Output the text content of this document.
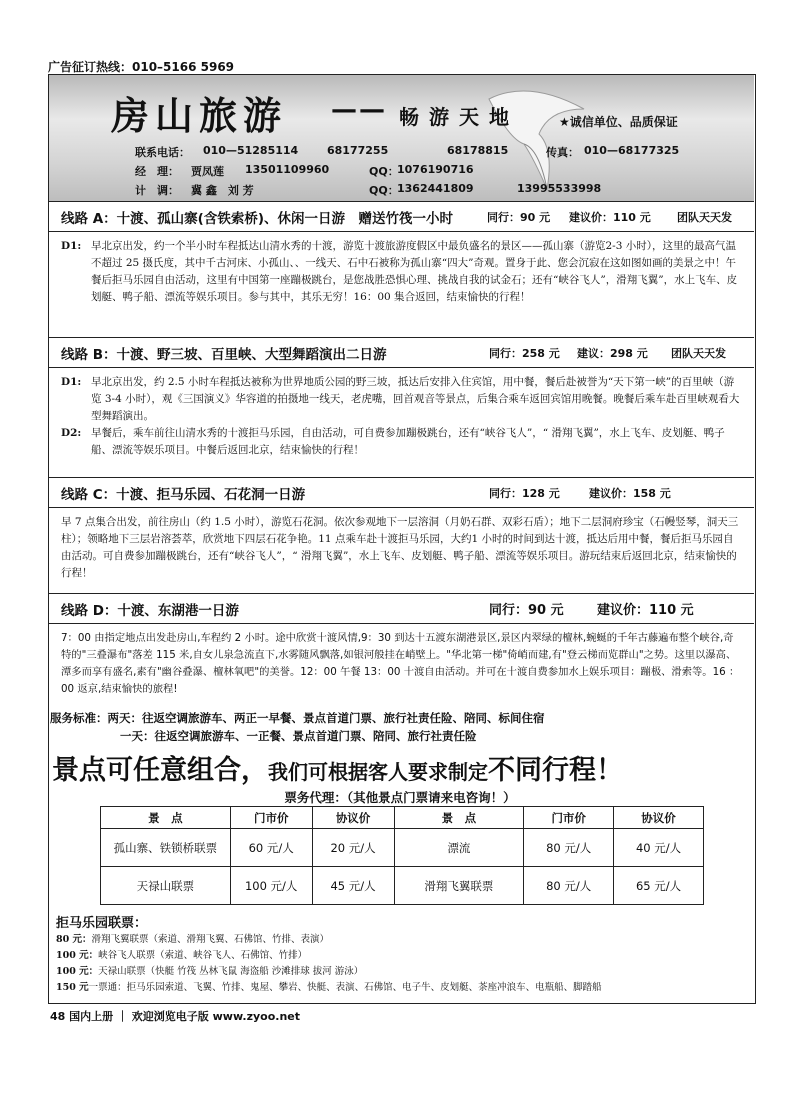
广告征订热线：010–5166 5969
房山旅游 —— 畅游天地	★诚信单位、品质保证
联系电话： 010—51285114	68177255	68178815	传真： 010—68177325
经　理： 贾凤莲 13501109960	QQ：
1076190716
计　调： 冀 鑫　刘 芳	QQ：
1362441809	13995533998
线路 A：十渡、孤山寨(含铁索桥)、休闲一日游　赠送竹筏一小时	同行：90 元 建议价：110 元 团队天天发
D1: 早北京出发，约一个半小时车程抵达山清水秀的十渡，游览十渡旅游度假区中最负盛名的景区——孤山寨（游览2-3 小时），这里的最高气温不超过 25 摄氏度，其中千古河床、小孤山、、一线天、石中石被称为孤山寨“四大”奇观。置身于此、您会沉寂在这如图如画的美景之中！午餐后拒马乐园自由活动，这里有中国第一座蹦极跳台，是您战胜恐惧心理、挑战自我的试金石；还有“峡谷飞人”，滑翔飞翼”，水上飞车、皮划艇、鸭子船、漂流等娱乐项目。参与其中，其乐无穷！16：00 集合返回，结束愉快的行程！
线路 B：十渡、野三坡、百里峡、大型舞蹈演出二日游	同行：258 元 建议：298 元 团队天天发
D1: 早北京出发，约 2.5 小时车程抵达被称为世界地质公园的野三坡，抵达后安排入住宾馆，用中餐，餐后赴被誉为“天下第一峡”的百里峡（游览 3-4 小时），观《三国演义》华容道的拍摄地一线天，老虎嘴，回首观音等景点，后集合乘车返回宾馆用晚餐。晚餐后乘车赴百里峡观看大型舞蹈演出。
D2: 早餐后，乘车前往山清水秀的十渡拒马乐园，自由活动，可自费参加蹦极跳台，还有“峡谷飞人”，“ 滑翔飞翼”，水上飞车、皮划艇、鸭子船、漂流等娱乐项目。中餐后返回北京，结束愉快的行程！
线路 C：十渡、拒马乐园、石花洞一日游	同行：128 元	建议价：158 元
早 7 点集合出发，前往房山（约 1.5 小时），游览石花洞。依次参观地下一层溶洞（月奶石群、双彩石盾）；地下二层洞府珍宝（石幔竖琴，洞天三柱）；领略地下三层岩溶荟萃，欣赏地下四层石花争艳。11 点乘车赴十渡拒马乐园，大约1 小时的时间到达十渡，抵达后用中餐，餐后拒马乐园自由活动。可自费参加蹦极跳台，还有“峡谷飞人”，“ 滑翔飞翼”，水上飞车、皮划艇、鸭子船、漂流等娱乐项目。游玩结束后返回北京，结束愉快的行程！
线路 D：十渡、东湖港一日游	同行：90 元	建议价：110 元
7：00 由指定地点出发赴房山,车程约 2 小时。途中欣赏十渡风情,9：30 到达十五渡东湖港景区,景区内翠绿的檀林,蜿蜒的千年古藤遍布整个峡谷,奇特的"三叠瀑布"落差 115 米,自女儿泉急流直下,水雾随风飘落,如银河般挂在峭壁上。"华北第一梯"倚峭而建,有"登云梯而览群山"之势。这里以瀑高、潭多而享有盛名,素有"幽谷叠瀑、檀林氧吧"的美誉。12：00 午餐 13：00 十渡自由活动。并可在十渡自费参加水上娱乐项目：蹦极、滑索等。16 ：00 返京,结束愉快的旅程!
服务标准：两天：往返空调旅游车、两正一早餐、景点首道门票、旅行社责任险、陪同、标间住宿
一天：往返空调旅游车、一正餐、景点首道门票、陪同、旅行社责任险
景点可任意组合，我们可根据客人要求制定不同行程！
票务代理：（其他景点门票请来电咨询！）
景　点	门市价	协议价	景　点	门市价	协议价
孤山寨、铁锁桥联票	60 元/人	20 元/人	漂流	80 元/人	40 元/人
天禄山联票	100 元/人	45 元/人	滑翔飞翼联票	80 元/人	65 元/人
拒马乐园联票：
80 元：滑翔飞翼联票（索道、滑翔飞翼、石佛馆、竹排、表演）
100 元：峡谷飞人联票（索道、峡谷飞人、石佛馆、竹排）
100 元：天禄山联票（快艇 竹筏 丛林飞鼠 海盗船 沙滩排球 拔河 游泳）
150 元一票通：拒马乐园索道、飞翼、竹排、鬼屋、攀岩、快艇、表演、石佛馆、电子牛、皮划艇、茶座冲浪车、电瓶船、脚踏船
48 国内上册 ｜ 欢迎浏览电子版 www.zyoo.net
